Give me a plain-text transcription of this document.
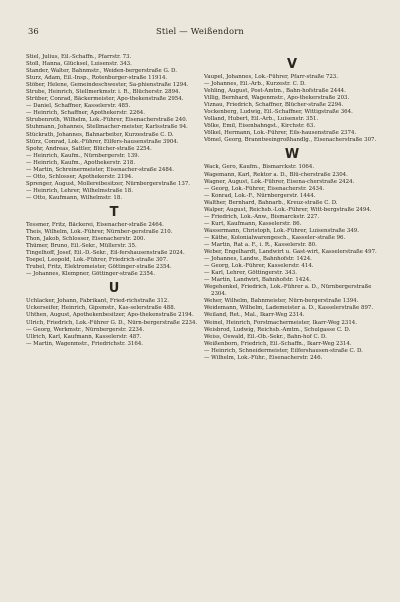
36	Stiel — Weißendorn
Stiel, Julius, Eil.-Schaffn., Pfarrstr. 73.
Stoll, Hanna, Glücksel, Luisenstr. 343.
Stander, Walter, Bahnmstr., Weiden-bergerstraße G. D.
Sturz, Adam, Eil.-Insp., Rotenburger-straße 11914.
Stöber, Helene, Gemeindeschwester, Sa-phienstraße 1294.
Strube, Heinrich, Stellmerkmstr. i. R., Blücherstr. 2894.
Strüber, Conrad, Bäckermeister, Apo-thekenstraße 2954.
— Daniel, Schaffner, Kasselerstr. 485.
— Heinrich, Schaffner, Apothekerstr. 2264.
Strubenroth, Wilhelm, Lok.-Führer, Eisenacherstraße 240.
Stuhmann, Johannes, Stellmacher-meister, Karlsstraße 94.
Stückrath, Johannes, Bahnarbeiter, Kurzestraße C. D.
Stürz, Conrad, Lok.-Führer, Eilfers-hausenstraße 3904.
Spohr, Andreas, Sattler, Blücher-straße 2254.
— Heinrich, Kaufm., Nürnbergerstr. 139.
— Heinrich, Kaufm., Apothekerstr. 218.
— Martin, Schreinermeister, Eisenacher-straße 2484.
— Otto, Schlosser, Apothekerstr. 2194.
Sprenger, August, Mollereibesitzer, Nürnbergerstraße 137.
— Heinrich, Lehrer, Wilhelmstraße 18.
— Otto, Kaufmann, Wilhelmstr. 18.
T
Tessmer, Fritz, Bäckerei, Eisenacher-straße 2464.
Theis, Wilhelm, Lok.-Führer, Nürnber-gerstraße 210.
Thon, Jakob, Schlosser, Eisenacherstr. 200.
Thümer, Bruno, Eil.-Sekr., Müllerstr. 35.
Tingelhoff, Josef, Eil.-D.-Sekr., Eil-fershausenstraße 2024.
Toepel, Leopold, Lok.-Führer, Friedrich-straße 307.
Trubel, Fritz, Elektromeister, Göttinger-straße 2354.
— Johannes, Klempner, Göttinger-straße 2354.
U
Uchlacker, Johann, Fabrikant, Fried-richstraße 312.
Uckerseifer, Heinrich, Gipsmstr., Kas-selerstraße 488.
Uhthen, August, Apothekenbesitzer, Apo-thekenstraße 2194.
Ulrich, Friedrich, Lok.-Führer G. D., Nürn-bergerstraße 2234.
— Georg, Werkmstr., Nürnbergerstr. 2234.
Ullrich, Karl, Kaufmann, Kasselerstr. 487.
— Martin, Wagenmstr., Friedrichstr. 3164.
V
Vaupel, Johannes, Lok.-Führer, Pfarr-straße 723.
— Johannes, Eil.-Arb., Kurzestr. C. D.
Vehling, August, Post-Amtm., Bahn-hofstraße 2444.
Villig, Bernhard, Wagenmstr., Apo-thekerstraße 203.
Viznau, Friedrich, Schaffner, Blücher-straße 2294.
Vockenberg, Ludwig, Eil.-Schaffner, Wittigstraße 364.
Volland, Hubert, Eil.-Arb., Luisenstr. 351.
Völke, Emil, Eisenbahngst., Kirchstr. 63.
Völkel, Hermann, Lok.-Führer, Eils-hausenstraße 2374.
Vömel, Georg, Branntweingroßhandlg., Eisenacherstraße 307.
W
Wack, Gero, Kaufm., Bismarckstr. 1064.
Wagemann, Karl, Rektor a. D., Blü-cherstraße 2304.
Wagner, August, Lok.-Führer, Eisena-cherstraße 2424.
— Georg, Lok.-Führer, Eisenacherstr. 2434.
— Konrad, Lok.-F., Nürnbergerstr. 1444.
Walther, Bernhard, Bahnarb., Kreuz-straße C. D.
Walper, August, Reichsb.-Lok.-Führer, Witt-bergstraße 2494.
— Friedrich, Lok.-Anw., Bismarckstr. 227.
— Kurt, Kaufmann, Kasselerstr. 86.
Wassermann, Christoph, Lok.-Führer, Luisenstraße 349.
— Käthe, Kolonialwarengesch., Kasseler-straße 96.
— Martin, Rat a. F., i. R., Kasselerstr. 80.
Weber, Engelhardt, Landwirt u. Gast-wirt, Kasselerstraße 497.
— Johannes, Landw., Bahnhofstr. 1424.
— Georg, Lok.-Führer, Kasselerstr. 414.
— Karl, Lehrer, Göttingerstr. 343.
— Martin, Landwirt, Bahnhofstr. 1424.
Wegehenkel, Friedrich, Lok.-Führer a. D., Nürnbergerstraße 2304.
Weher, Wilhelm, Bahnmeister, Nürn-bergerstraße 1394.
Weidemann, Wilhelm, Lademeister a. D., Kasselerstraße 897.
Weiland, Ret., Mal., Ikarr-Weg 2314.
Weinel, Heinrich, Forstmachermeister, Ikarr-Weg 2314.
Weisbrod, Ludwig, Reichsb.-Amtm., Schulgasse C. D.
Weiss, Oswald, Eil.-Ob.-Sekr., Bahn-hof C. D.
Weißenborn, Friedrich, Eil.-Schaffn., Ikarr-Weg 2314.
— Heinrich, Schneidermeister, Eilfershausen-straße C. D.
— Wilhelm, Lok.-Führ., Eisenacherstr. 246.
